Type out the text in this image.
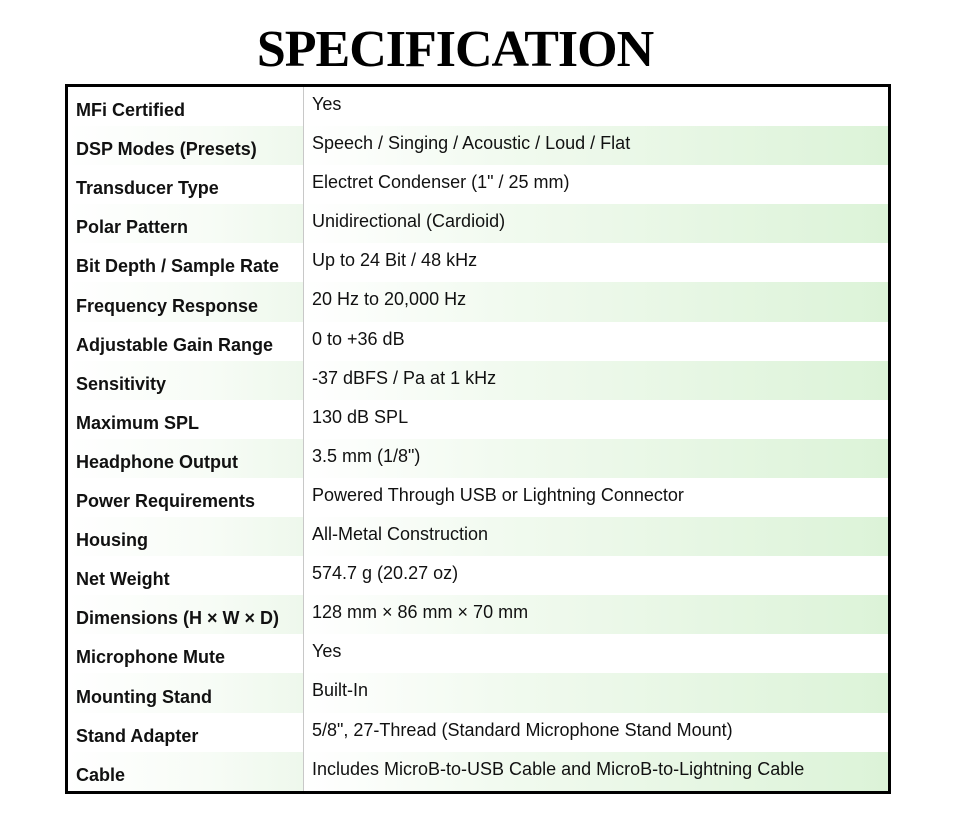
SPECIFICATION
MFi Certified	Yes
DSP Modes (Presets)	Speech / Singing / Acoustic / Loud / Flat
Transducer Type	Electret Condenser (1" / 25 mm)
Polar Pattern	Unidirectional (Cardioid)
Bit Depth / Sample Rate	Up to 24 Bit / 48 kHz
Frequency Response	20 Hz to 20,000 Hz
Adjustable Gain Range	0 to +36 dB
Sensitivity	-37 dBFS / Pa at 1 kHz
Maximum SPL	130 dB SPL
Headphone Output	3.5 mm (1/8")
Power Requirements	Powered Through USB or Lightning Connector
Housing	All-Metal Construction
Net Weight	574.7 g (20.27 oz)
Dimensions (H × W × D)	128 mm × 86 mm × 70 mm
Microphone Mute	Yes
Mounting Stand	Built-In
Stand Adapter	5/8", 27-Thread (Standard Microphone Stand Mount)
Cable	Includes MicroB-to-USB Cable and MicroB-to-Lightning Cable
